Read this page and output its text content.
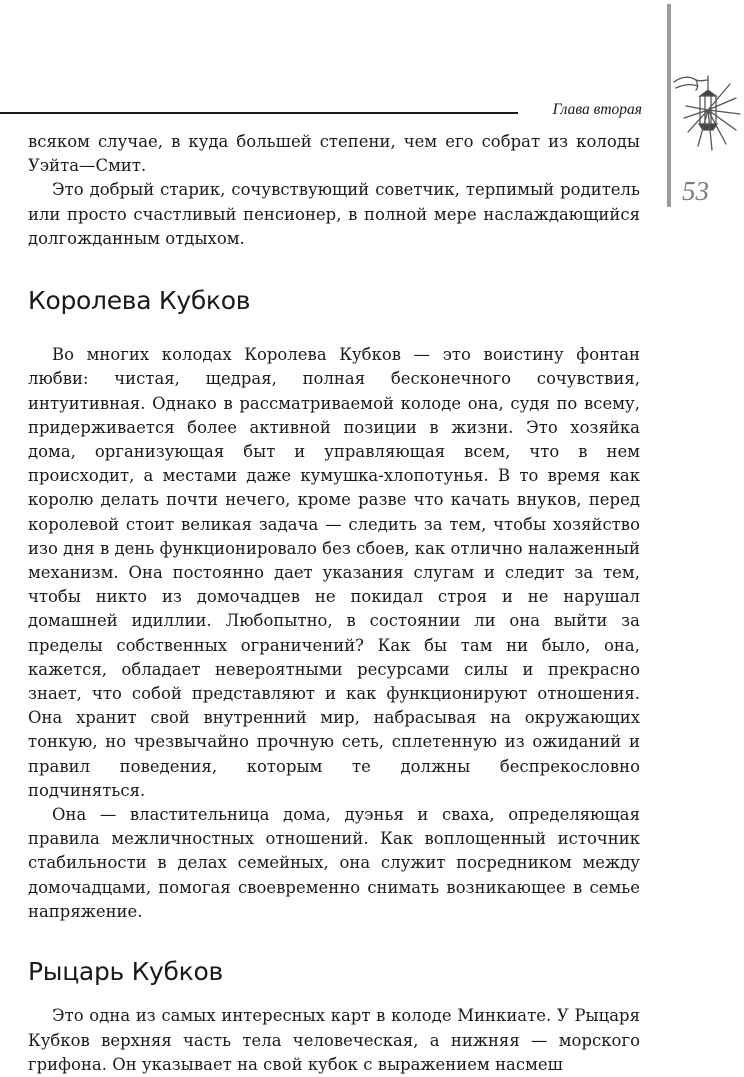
Глава вторая
53

всяком случае, в куда большей степени, чем его собрат из колоды Уэйта—Смит.

Это добрый старик, сочувствующий советчик, терпимый родитель или просто счастливый пенсионер, в полной мере наслаждающийся долгожданным отдыхом.

Королева Кубков

Во многих колодах Королева Кубков — это воистину фонтан любви: чистая, щедрая, полная бесконечного сочувствия, интуитивная. Однако в рассматриваемой колоде она, судя по всему, придерживается более активной позиции в жизни. Это хозяйка дома, организующая быт и управляющая всем, что в нем происходит, а местами даже кумушка-хлопотунья. В то время как королю делать почти нечего, кроме разве что качать внуков, перед королевой стоит великая задача — следить за тем, чтобы хозяйство изо дня в день функционировало без сбоев, как отлично налаженный механизм. Она постоянно дает указания слугам и следит за тем, чтобы никто из домочадцев не покидал строя и не нарушал домашней идиллии. Любопытно, в состоянии ли она выйти за пределы собственных ограничений? Как бы там ни было, она, кажется, обладает невероятными ресурсами силы и прекрасно знает, что собой представляют и как функционируют отношения. Она хранит свой внутренний мир, набрасывая на окружающих тонкую, но чрезвычайно прочную сеть, сплетенную из ожиданий и правил поведения, которым те должны беспрекословно подчиняться.

Она — властительница дома, дуэнья и сваха, определяющая правила межличностных отношений. Как воплощенный источник стабильности в делах семейных, она служит посредником между домочадцами, помогая своевременно снимать возникающее в семье напряжение.

Рыцарь Кубков

Это одна из самых интересных карт в колоде Минкиате. У Рыцаря Кубков верхняя часть тела человеческая, а нижняя — морского грифона. Он указывает на свой кубок с выражением насмеш
